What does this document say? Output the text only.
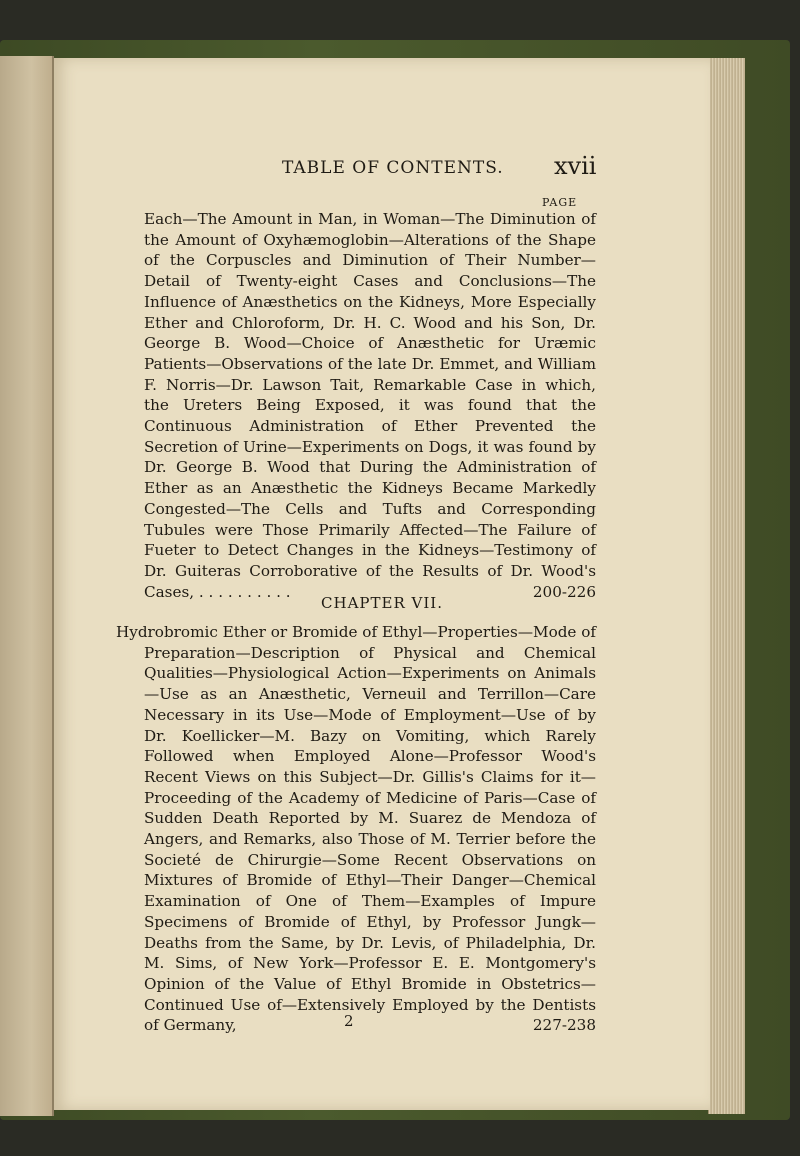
TABLE OF CONTENTS. xvii
PAGE
Each—The Amount in Man, in Woman—The Diminution of the Amount of Oxyhæmoglobin—Alterations of the Shape of the Corpuscles and Diminution of Their Number—Detail of Twenty-eight Cases and Conclusions—The Influence of Anæsthetics on the Kidneys, More Especially Ether and Chloroform, Dr. H. C. Wood and his Son, Dr. George B. Wood—Choice of Anæsthetic for Uræmic Patients—Observations of the late Dr. Emmet, and William F. Norris—Dr. Lawson Tait, Remarkable Case in which, the Ureters Being Exposed, it was found that the Continuous Administration of Ether Prevented the Secretion of Urine—Experiments on Dogs, it was found by Dr. George B. Wood that During the Administration of Ether as an Anæsthetic the Kidneys Became Markedly Congested—The Cells and Tufts and Corresponding Tubules were Those Primarily Affected—The Failure of Fueter to Detect Changes in the Kidneys—Testimony of Dr. Guiteras Corroborative of the Results of Dr. Wood's Cases, . . . . . . . . . .	200-226
CHAPTER VII.
Hydrobromic Ether or Bromide of Ethyl—Properties—Mode of Preparation—Description of Physical and Chemical Qualities—Physiological Action—Experiments on Animals—Use as an Anæsthetic, Verneuil and Terrillon—Care Necessary in its Use—Mode of Employment—Use of by Dr. Koellicker—M. Bazy on Vomiting, which Rarely Followed when Employed Alone—Professor Wood's Recent Views on this Subject—Dr. Gillis's Claims for it—Proceeding of the Academy of Medicine of Paris—Case of Sudden Death Reported by M. Suarez de Mendoza of Angers, and Remarks, also Those of M. Terrier before the Societé de Chirurgie—Some Recent Observations on Mixtures of Bromide of Ethyl—Their Danger—Chemical Examination of One of Them—Examples of Impure Specimens of Bromide of Ethyl, by Professor Jungk—Deaths from the Same, by Dr. Levis, of Philadelphia, Dr. M. Sims, of New York—Professor E. E. Montgomery's Opinion of the Value of Ethyl Bromide in Obstetrics—Continued Use of—Extensively Employed by the Dentists of Germany,	227-238
2
